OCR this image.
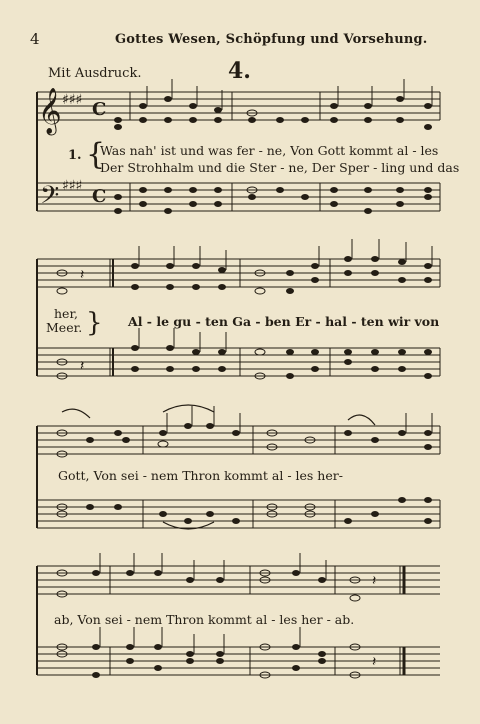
4	Gottes Wesen, Schöpfung und Vorsehung.
Mit Ausdruck.	4.
𝄞
𝄢
♯♯♯
♯♯♯
C
C
𝄽
𝄽
𝄽
𝄽
1. {
Was nah' ist und was fer - ne, Von Gott kommt al - les
Der Strohhalm und die Ster - ne, Der Sper - ling und das
her,
Meer. } Al - le gu - ten Ga - ben Er - hal - ten wir von
Gott, Von sei - nem Thron kommt al - les her-
ab, Von sei - nem Thron kommt al - les her - ab.
